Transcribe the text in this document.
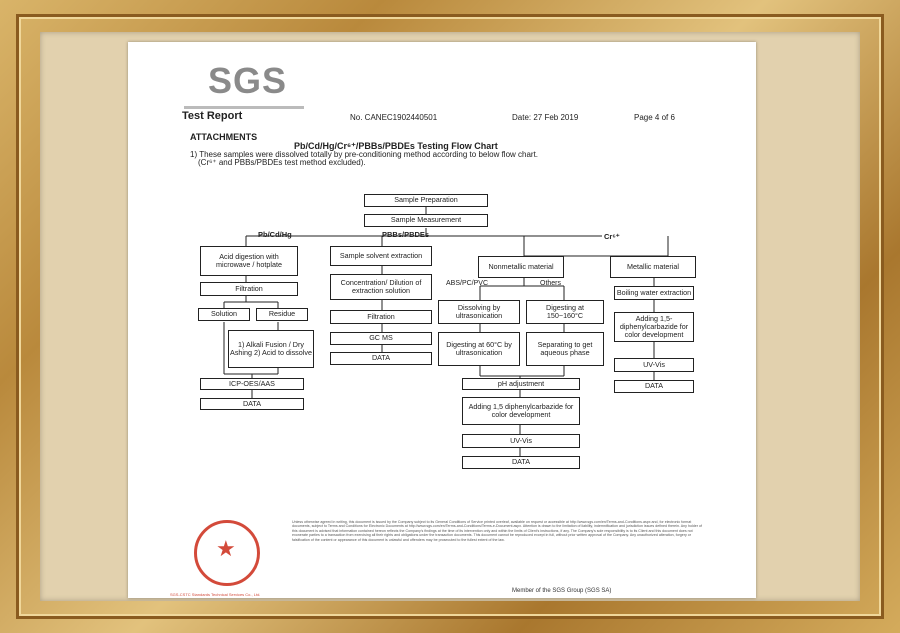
SGS
Test Report	No. CANEC1902440501	Date: 27 Feb 2019	Page 4 of 6
ATTACHMENTS
Pb/Cd/Hg/Cr⁶⁺/PBBs/PBDEs Testing Flow Chart
1) These samples were dissolved totally by pre-conditioning method according to below flow chart.
(Cr⁶⁺ and PBBs/PBDEs test method excluded).
Sample Preparation
Sample Measurement
Pb/Cd/Hg	PBBs/PBDEs	Cr⁶⁺
Acid digestion with microwave / hotplate
Filtration
Solution	Residue
1) Alkali Fusion / Dry Ashing 2) Acid to dissolve
ICP-OES/AAS
DATA
Sample solvent extraction
Concentration/ Dilution of extraction solution
Filtration
GC MS
DATA
Nonmetallic material
ABS/PC/PVC	Others
Dissolving by ultrasonication
Digesting at 150~160°C
Digesting at 60°C by ultrasonication
Separating to get aqueous phase
pH adjustment
Adding 1,5 diphenylcarbazide for color development
UV-Vis
DATA
Metallic material
Boiling water extraction
Adding 1,5-diphenylcarbazide for color development
UV-Vis
DATA
★
SGS-CSTC Standards Technical Services Co., Ltd.
Unless otherwise agreed in writing, this document is issued by the Company subject to its General Conditions of Service printed overleaf, available on request or accessible at http://www.sgs.com/en/Terms-and-Conditions.aspx and, for electronic format documents, subject to Terms and Conditions for Electronic Documents at http://www.sgs.com/en/Terms-and-Conditions/Terms-e-Document.aspx. Attention is drawn to the limitation of liability, indemnification and jurisdiction issues defined therein. Any holder of this document is advised that information contained hereon reflects the Company's findings at the time of its intervention only and within the limits of Client's instructions, if any. The Company's sole responsibility is to its Client and this document does not exonerate parties to a transaction from exercising all their rights and obligations under the transaction documents. This document cannot be reproduced except in full, without prior written approval of the Company. Any unauthorized alteration, forgery or falsification of the content or appearance of this document is unlawful and offenders may be prosecuted to the fullest extent of the law.
Member of the SGS Group (SGS SA)
